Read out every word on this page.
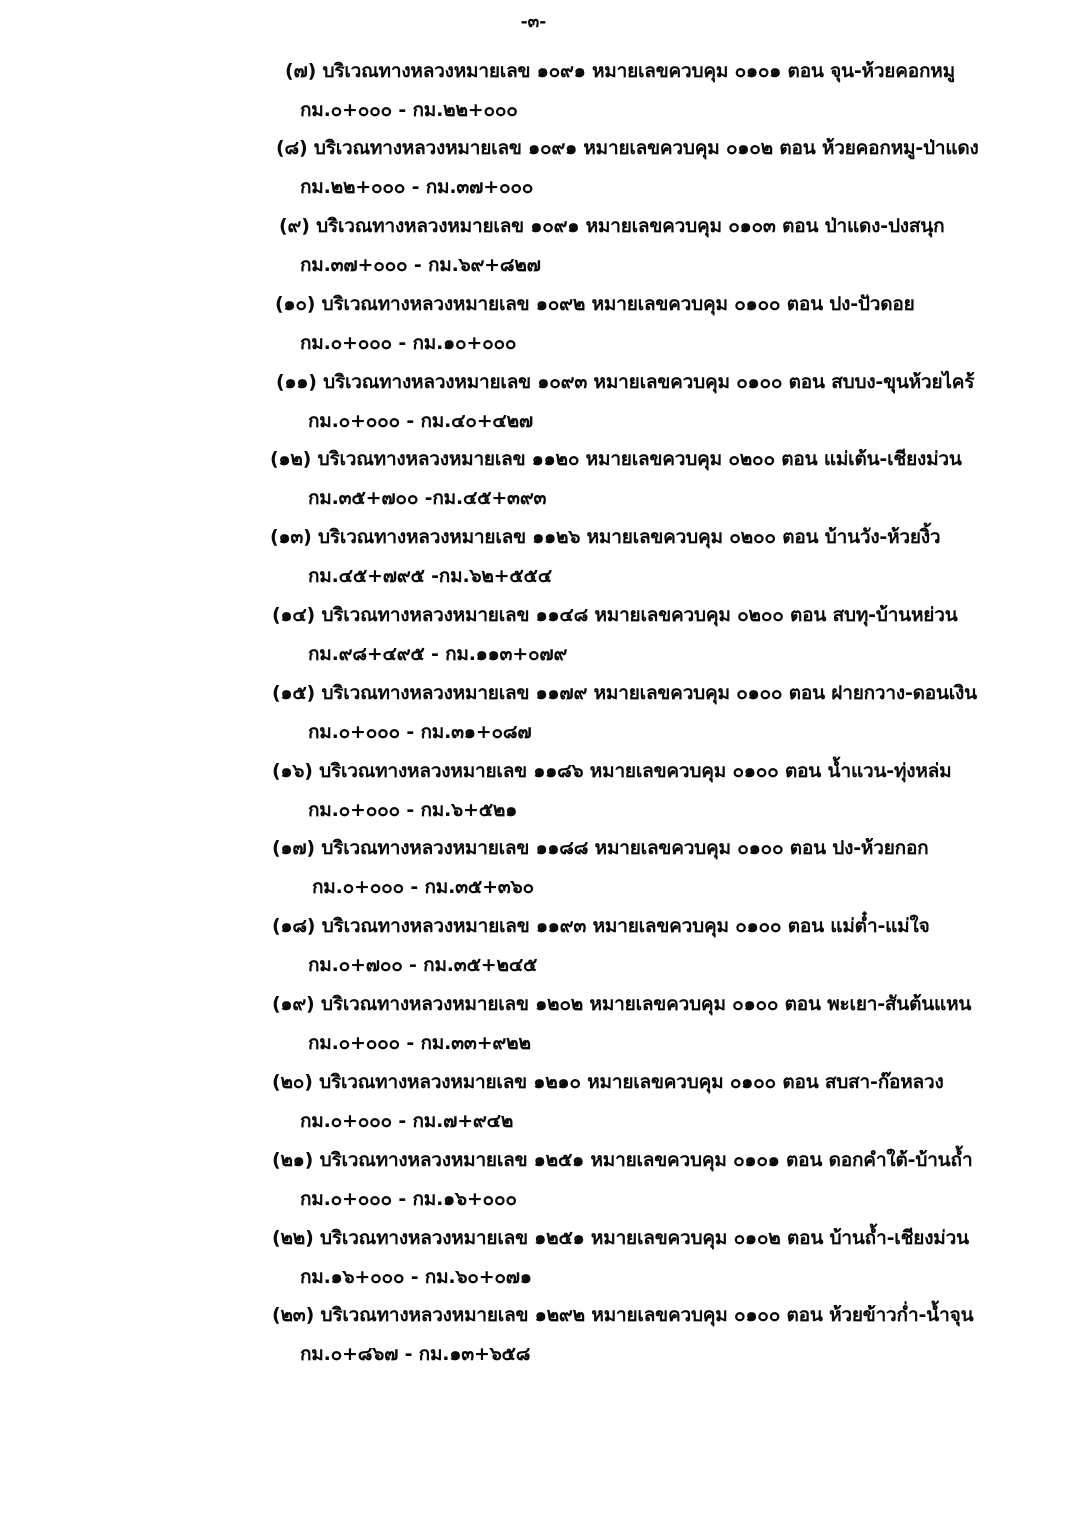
-๓-
(๗) บริเวณทางหลวงหมายเลข ๑๐๙๑ หมายเลขควบคุม ๐๑๐๑ ตอน จุน-ห้วยคอกหมู
กม.๐+๐๐๐ - กม.๒๒+๐๐๐
(๘) บริเวณทางหลวงหมายเลข ๑๐๙๑ หมายเลขควบคุม ๐๑๐๒ ตอน ห้วยคอกหมู-ป่าแดง
กม.๒๒+๐๐๐ - กม.๓๗+๐๐๐
(๙) บริเวณทางหลวงหมายเลข ๑๐๙๑ หมายเลขควบคุม ๐๑๐๓ ตอน ป่าแดง-ปงสนุก
กม.๓๗+๐๐๐ - กม.๖๙+๘๒๗
(๑๐) บริเวณทางหลวงหมายเลข ๑๐๙๒ หมายเลขควบคุม ๐๑๐๐ ตอน ปง-ปัวดอย
กม.๐+๐๐๐ - กม.๑๐+๐๐๐
(๑๑) บริเวณทางหลวงหมายเลข ๑๐๙๓ หมายเลขควบคุม ๐๑๐๐ ตอน สบบง-ขุนห้วยไคร้
กม.๐+๐๐๐ - กม.๔๐+๔๒๗
(๑๒) บริเวณทางหลวงหมายเลข ๑๑๒๐ หมายเลขควบคุม ๐๒๐๐ ตอน แม่เต้น-เชียงม่วน
กม.๓๕+๗๐๐ -กม.๔๕+๓๙๓
(๑๓) บริเวณทางหลวงหมายเลข ๑๑๒๖ หมายเลขควบคุม ๐๒๐๐ ตอน บ้านวัง-ห้วยงิ้ว
กม.๔๕+๗๙๕ -กม.๖๒+๕๕๔
(๑๔) บริเวณทางหลวงหมายเลข ๑๑๔๘ หมายเลขควบคุม ๐๒๐๐ ตอน สบทุ-บ้านหย่วน
กม.๙๘+๔๙๕ - กม.๑๑๓+๐๗๙
(๑๕) บริเวณทางหลวงหมายเลข ๑๑๗๙ หมายเลขควบคุม ๐๑๐๐ ตอน ฝายกวาง-ดอนเงิน
กม.๐+๐๐๐ - กม.๓๑+๐๘๗
(๑๖) บริเวณทางหลวงหมายเลข ๑๑๘๖ หมายเลขควบคุม ๐๑๐๐ ตอน น้ำแวน-ทุ่งหล่ม
กม.๐+๐๐๐ - กม.๖+๕๒๑
(๑๗) บริเวณทางหลวงหมายเลข ๑๑๘๘ หมายเลขควบคุม ๐๑๐๐ ตอน ปง-ห้วยกอก
กม.๐+๐๐๐ - กม.๓๕+๓๖๐
(๑๘) บริเวณทางหลวงหมายเลข ๑๑๙๓ หมายเลขควบคุม ๐๑๐๐ ตอน แม่ต๋ำ-แม่ใจ
กม.๐+๗๐๐ - กม.๓๕+๒๔๕
(๑๙) บริเวณทางหลวงหมายเลข ๑๒๐๒ หมายเลขควบคุม ๐๑๐๐ ตอน พะเยา-สันต้นแหน
กม.๐+๐๐๐ - กม.๓๓+๙๒๒
(๒๐) บริเวณทางหลวงหมายเลข ๑๒๑๐ หมายเลขควบคุม ๐๑๐๐ ตอน สบสา-ก๊อหลวง
กม.๐+๐๐๐ - กม.๗+๙๔๒
(๒๑) บริเวณทางหลวงหมายเลข ๑๒๕๑ หมายเลขควบคุม ๐๑๐๑ ตอน ดอกคำใต้-บ้านถ้ำ
กม.๐+๐๐๐ - กม.๑๖+๐๐๐
(๒๒) บริเวณทางหลวงหมายเลข ๑๒๕๑ หมายเลขควบคุม ๐๑๐๒ ตอน บ้านถ้ำ-เชียงม่วน
กม.๑๖+๐๐๐ - กม.๖๐+๐๗๑
(๒๓) บริเวณทางหลวงหมายเลข ๑๒๙๒ หมายเลขควบคุม ๐๑๐๐ ตอน ห้วยข้าวก่ำ-น้ำจุน
กม.๐+๘๖๗ - กม.๑๓+๖๕๘
